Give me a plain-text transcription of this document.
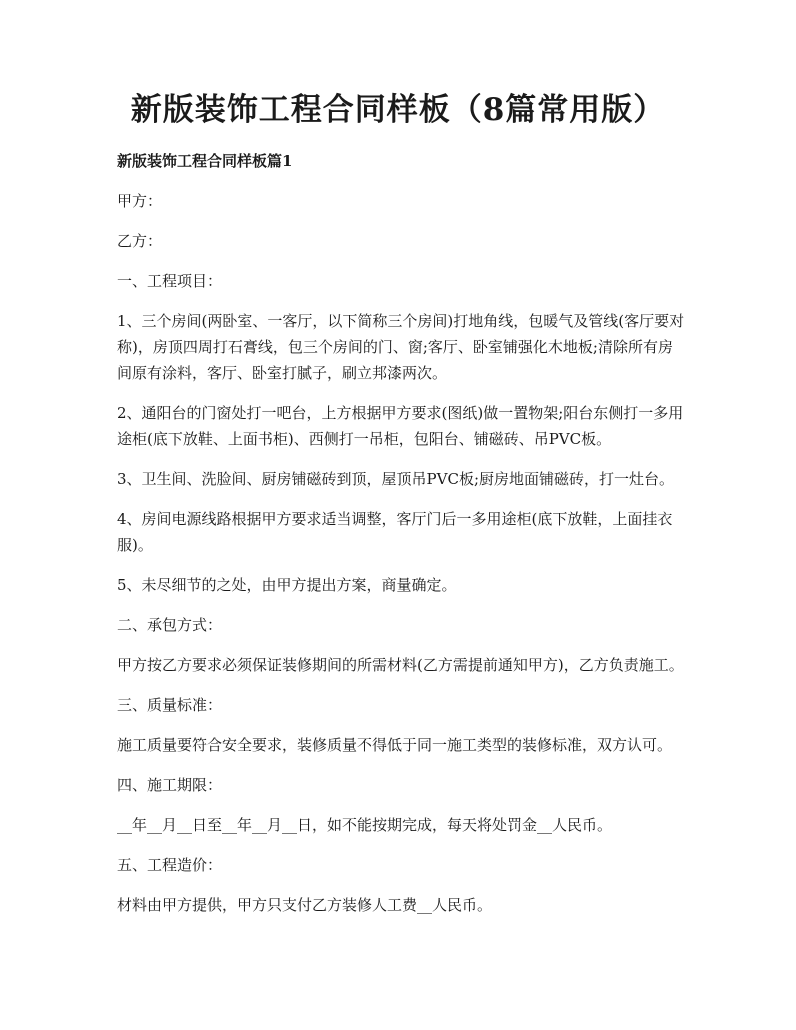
新版装饰工程合同样板（8篇常用版）

新版装饰工程合同样板篇1

甲方：

乙方：

一、工程项目：

1、三个房间(两卧室、一客厅，以下简称三个房间)打地角线，包暖气及管线(客厅要对称)，房顶四周打石膏线，包三个房间的门、窗;客厅、卧室铺强化木地板;清除所有房间原有涂料，客厅、卧室打腻子，刷立邦漆两次。

2、通阳台的门窗处打一吧台，上方根据甲方要求(图纸)做一置物架;阳台东侧打一多用途柜(底下放鞋、上面书柜)、西侧打一吊柜，包阳台、铺磁砖、吊PVC板。

3、卫生间、洗脸间、厨房铺磁砖到顶，屋顶吊PVC板;厨房地面铺磁砖，打一灶台。

4、房间电源线路根据甲方要求适当调整，客厅门后一多用途柜(底下放鞋，上面挂衣服)。

5、未尽细节的之处，由甲方提出方案，商量确定。

二、承包方式：

甲方按乙方要求必须保证装修期间的所需材料(乙方需提前通知甲方)，乙方负责施工。

三、质量标准：

施工质量要符合安全要求，装修质量不得低于同一施工类型的装修标准，双方认可。

四、施工期限：

__年__月__日至__年__月__日，如不能按期完成，每天将处罚金__人民币。

五、工程造价：

材料由甲方提供，甲方只支付乙方装修人工费__人民币。
